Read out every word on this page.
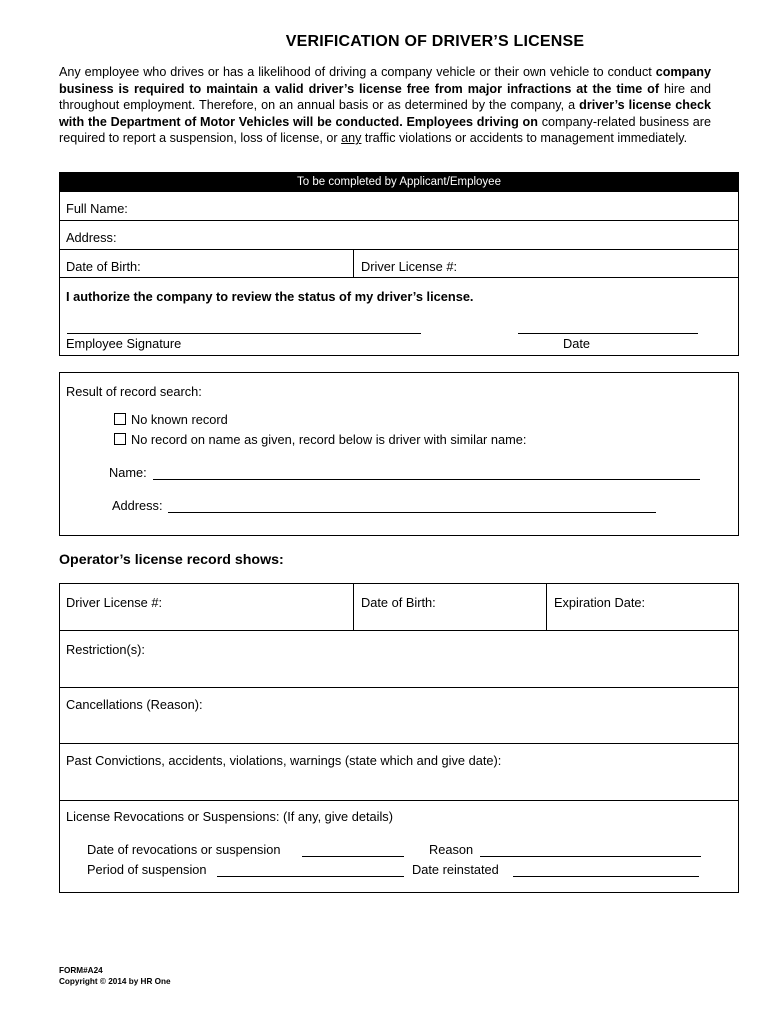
VERIFICATION OF DRIVER’S LICENSE
Any employee who drives or has a likelihood of driving a company vehicle or their own vehicle to conduct company business is required to maintain a valid driver’s license free from major infractions at the time of hire and throughout employment. Therefore, on an annual basis or as determined by the company, a driver’s license check with the Department of Motor Vehicles will be conducted. Employees driving on company-related business are required to report a suspension, loss of license, or any traffic violations or accidents to management immediately.
To be completed by Applicant/Employee
Full Name:
Address:
Date of Birth:	Driver License #:
I authorize the company to review the status of my driver’s license.
Employee Signature	Date
Result of record search:
No known record
No record on name as given, record below is driver with similar name:
Name:
Address:
Operator’s license record shows:
Driver License #:	Date of Birth:	Expiration Date:
Restriction(s):
Cancellations (Reason):
Past Convictions, accidents, violations, warnings (state which and give date):
License Revocations or Suspensions: (If any, give details)
Date of revocations or suspension	Reason
Period of suspension	Date reinstated
FORM#A24
Copyright © 2014 by HR One
